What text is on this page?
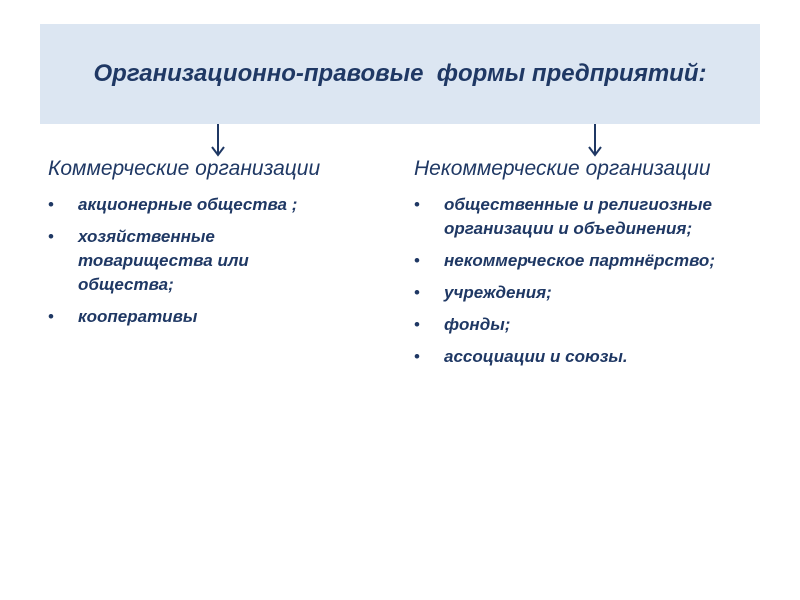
Организационно-правовые  формы предприятий:
Коммерческие организации
• акционерные общества ;
• хозяйственные товарищества или общества;
• кооперативы
Некоммерческие организации
• общественные и религиозные организации и объединения;
• некоммерческое партнёрство;
• учреждения;
• фонды;
• ассоциации и союзы.
